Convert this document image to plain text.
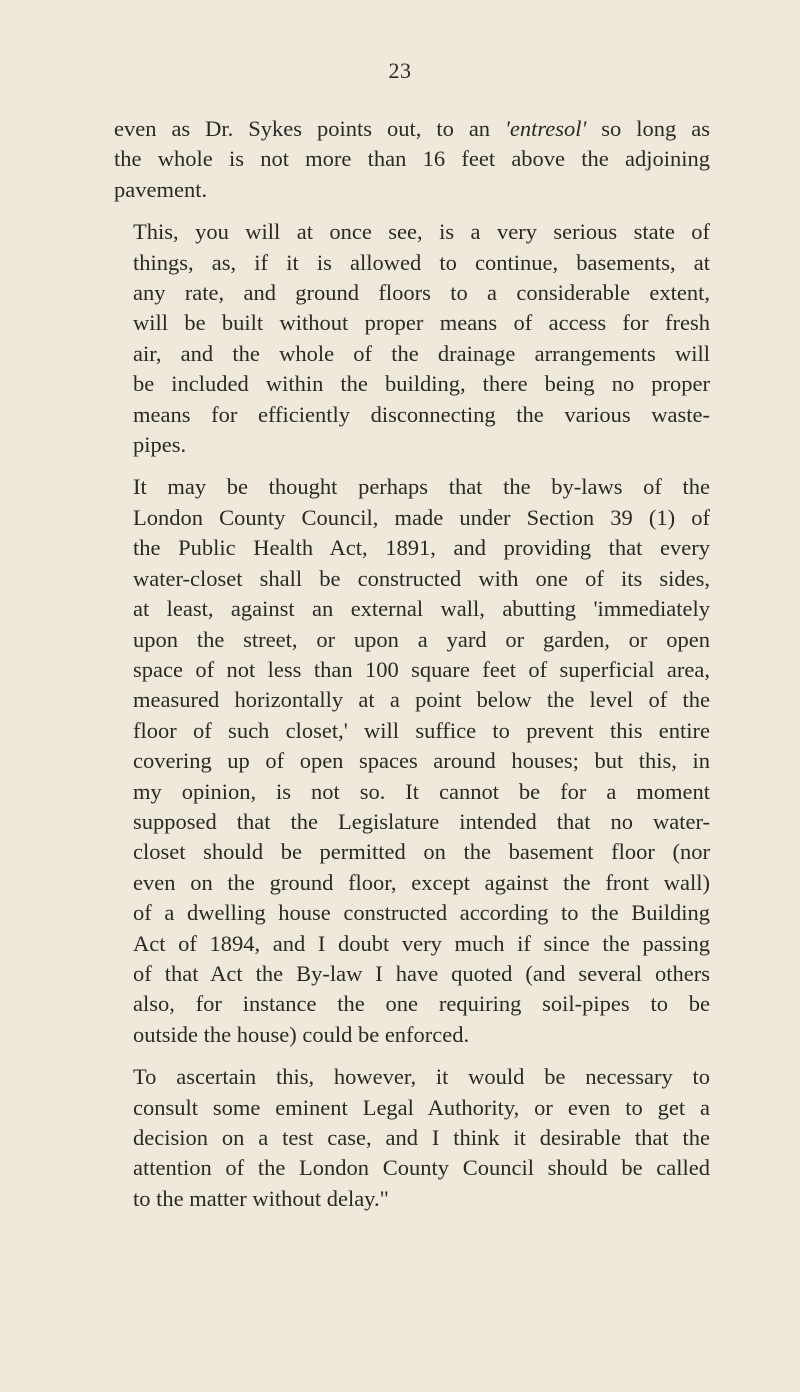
23

even as Dr. Sykes points out, to an 'entresol' so long as
the whole is not more than 16 feet above the adjoining
pavement.

This, you will at once see, is a very serious state of
things, as, if it is allowed to continue, basements, at
any rate, and ground floors to a considerable extent,
will be built without proper means of access for fresh
air, and the whole of the drainage arrangements will
be included within the building, there being no proper
means for efficiently disconnecting the various waste-
pipes.

It may be thought perhaps that the by-laws of the
London County Council, made under Section 39 (1) of
the Public Health Act, 1891, and providing that every
water-closet shall be constructed with one of its sides,
at least, against an external wall, abutting 'immediately
upon the street, or upon a yard or garden, or open
space of not less than 100 square feet of superficial area,
measured horizontally at a point below the level of the
floor of such closet,' will suffice to prevent this entire
covering up of open spaces around houses; but this, in
my opinion, is not so. It cannot be for a moment
supposed that the Legislature intended that no water-
closet should be permitted on the basement floor (nor
even on the ground floor, except against the front wall)
of a dwelling house constructed according to the Building
Act of 1894, and I doubt very much if since the passing
of that Act the By-law I have quoted (and several others
also, for instance the one requiring soil-pipes to be
outside the house) could be enforced.

To ascertain this, however, it would be necessary to
consult some eminent Legal Authority, or even to get a
decision on a test case, and I think it desirable that the
attention of the London County Council should be called
to the matter without delay."
